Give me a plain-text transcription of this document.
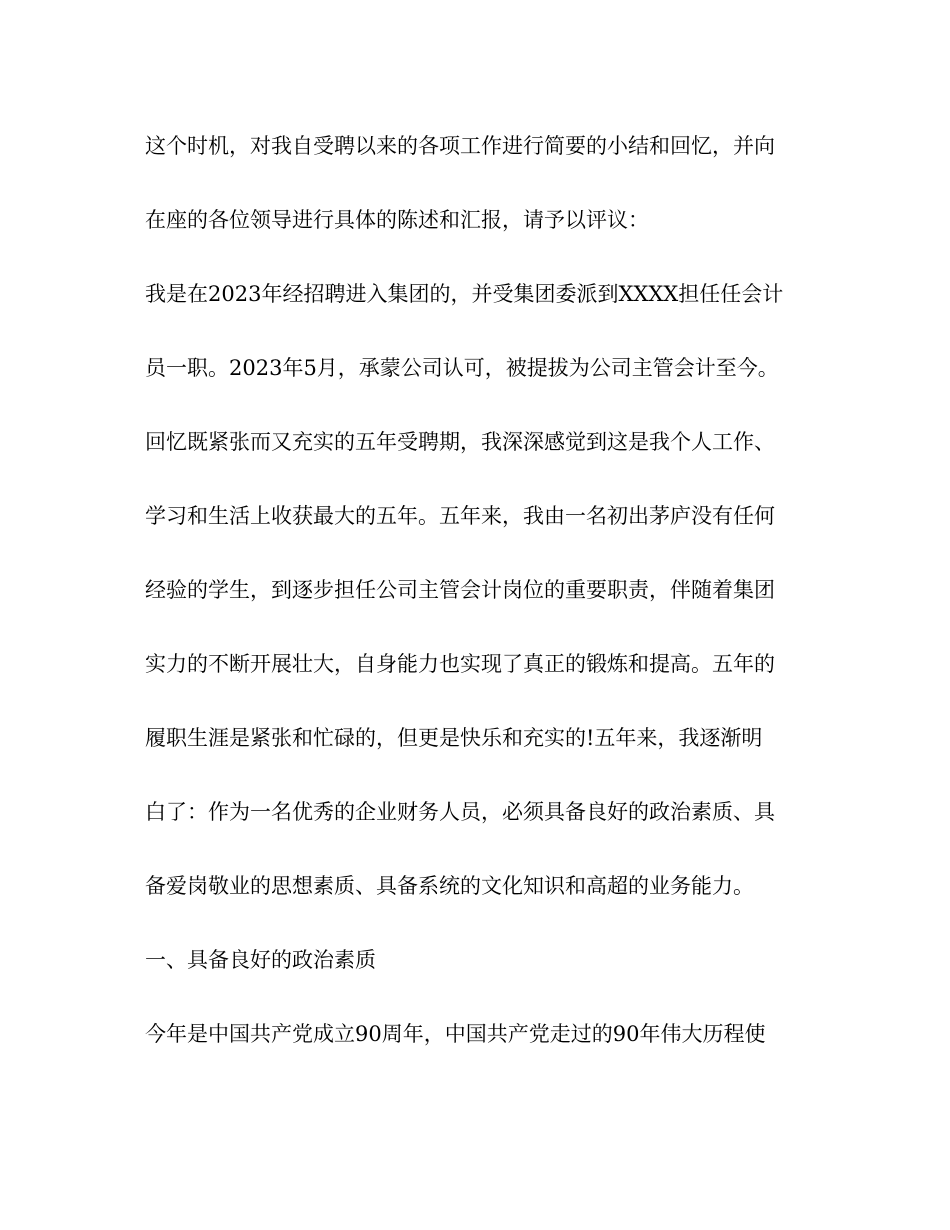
这个时机，对我自受聘以来的各项工作进行简要的小结和回忆，并向

在座的各位领导进行具体的陈述和汇报，请予以评议：

我是在2023年经招聘进入集团的，并受集团委派到XXXX担任任会计

员一职。2023年5月，承蒙公司认可，被提拔为公司主管会计至今。

回忆既紧张而又充实的五年受聘期，我深深感觉到这是我个人工作、

学习和生活上收获最大的五年。五年来，我由一名初出茅庐没有任何

经验的学生，到逐步担任公司主管会计岗位的重要职责，伴随着集团

实力的不断开展壮大，自身能力也实现了真正的锻炼和提高。五年的

履职生涯是紧张和忙碌的，但更是快乐和充实的!五年来，我逐渐明

白了：作为一名优秀的企业财务人员，必须具备良好的政治素质、具

备爱岗敬业的思想素质、具备系统的文化知识和高超的业务能力。

一、具备良好的政治素质

今年是中国共产党成立90周年，中国共产党走过的90年伟大历程使
